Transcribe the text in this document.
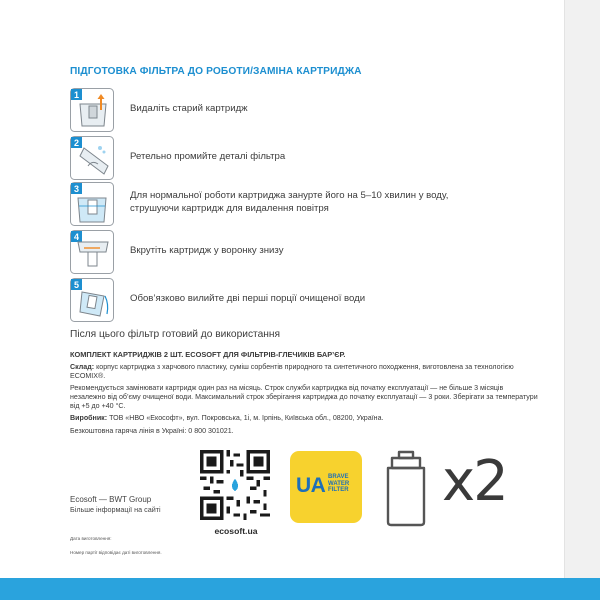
ПІДГОТОВКА ФІЛЬТРА ДО РОБОТИ/ЗАМІНА КАРТРИДЖА
1
Видаліть старий картридж
2
Ретельно промийте деталі фільтра
3
Для нормальної роботи картриджа занурте його на 5–10 хвилин у воду,
струшуючи картридж для видалення повітря
4
Вкрутіть картридж у воронку знизу
5
Обов’язково вилийте дві перші порції очищеної води
Після цього фільтр готовий до використання
КОМПЛЕКТ КАРТРИДЖІВ 2 ШТ. ECOSOFT ДЛЯ ФІЛЬТРІВ-ГЛЕЧИКІВ БАР’ЄР.
Склад: корпус картриджа з харчового пластику, суміш сорбентів природного та синтетичного походження, виготовлена за технологією ECOMIX®.
Рекомендується замінювати картридж один раз на місяць. Строк служби картриджа від початку експлуатації — не більше 3 місяців незалежно від об’єму очищеної води. Максимальний строк зберігання картриджа до початку експлуатації — 3 роки. Зберігати за температури від +5 до +40 °С.
Виробник: ТОВ «НВО «Екософт», вул. Покровська, 1і, м. Ірпінь, Київська обл., 08200, Україна.
Безкоштовна гаряча лінія в Україні: 0 800 301021.
Ecosoft — BWT Group
Більше інформації на сайті
Дата виготовлення:
Номер партії відповідає даті виготовлення.
ecosoft.ua
UA BRAVE
WATER
FILTER x2
